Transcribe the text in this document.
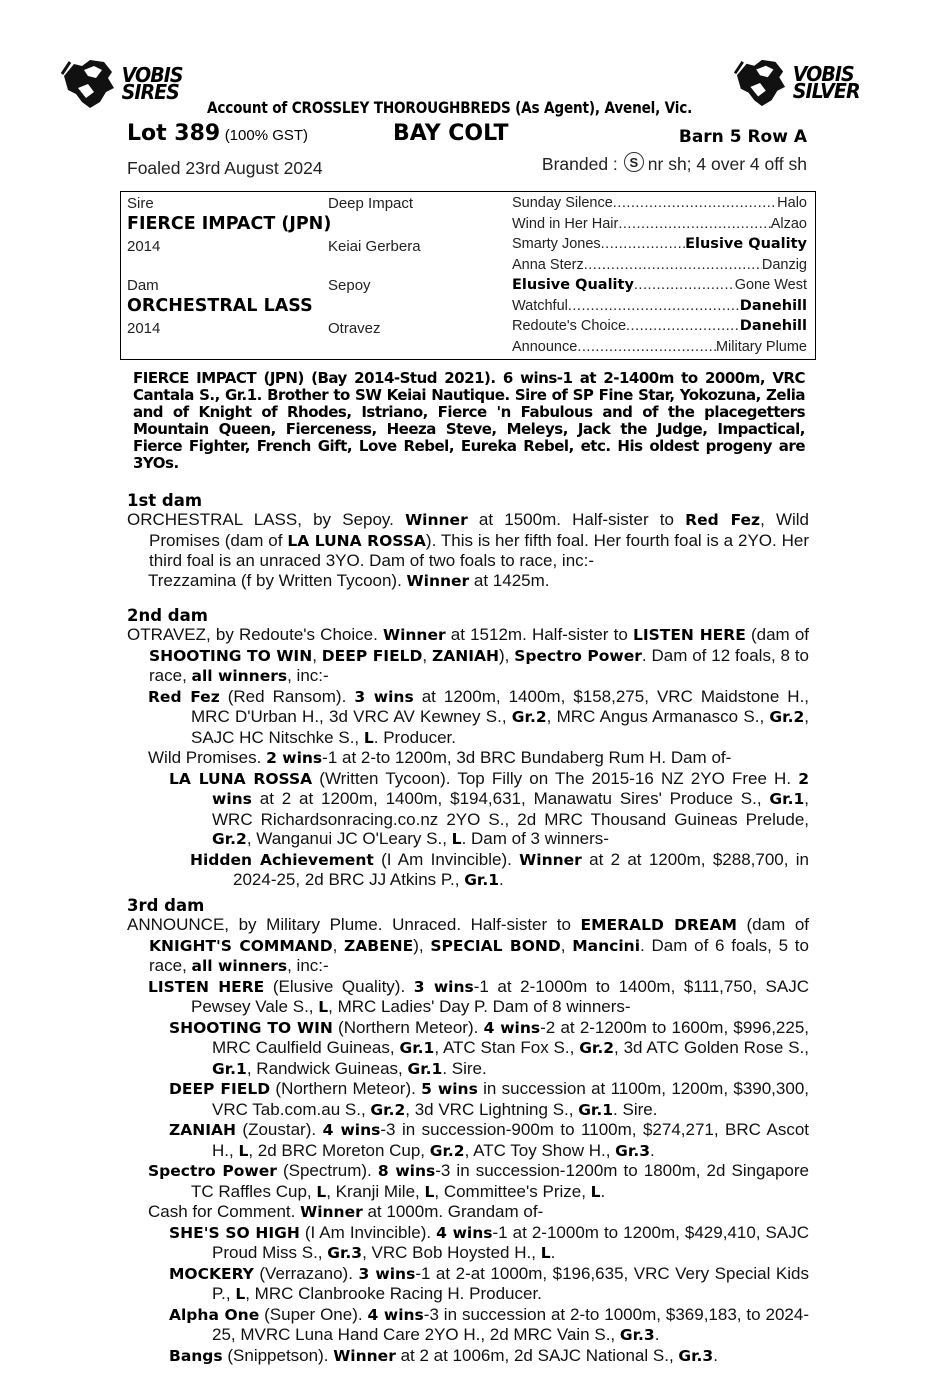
VOBIS
SIRES
VOBIS
SILVER
Account of CROSSLEY THOROUGHBREDS (As Agent), Avenel, Vic.
Lot 389 (100% GST)	BAY COLT	Barn 5 Row A
Foaled 23rd August 2024	Branded : S nr sh; 4 over 4 off sh
Sire
FIERCE IMPACT (JPN)
2014
Deep Impact
Keiai Gerbera
Dam
ORCHESTRAL LASS
2014
Sepoy
Otravez
Sunday Silence .....	Halo
Wind in Her Hair .....	Alzao
Smarty Jones .....	Elusive Quality
Anna Sterz .....	Danzig
Elusive Quality .....	Gone West
Watchful .....	Danehill
Redoute's Choice .....	Danehill
Announce .....	Military Plume
FIERCE IMPACT (JPN) (Bay 2014-Stud 2021). 6 wins-1 at 2-1400m to 2000m, VRC Cantala S., Gr.1. Brother to SW Keiai Nautique. Sire of SP Fine Star, Yokozuna, Zelia and of Knight of Rhodes, Istriano, Fierce 'n Fabulous and of the placegetters Mountain Queen, Fierceness, Heeza Steve, Meleys, Jack the Judge, Impactical, Fierce Fighter, French Gift, Love Rebel, Eureka Rebel, etc. His oldest progeny are 3YOs.
1st dam

ORCHESTRAL LASS, by Sepoy. Winner at 1500m. Half-sister to Red Fez, Wild Promises (dam of LA LUNA ROSSA). This is her fifth foal. Her fourth foal is a 2YO. Her third foal is an unraced 3YO. Dam of two foals to race, inc:-

Trezzamina (f by Written Tycoon). Winner at 1425m.

2nd dam

OTRAVEZ, by Redoute's Choice. Winner at 1512m. Half-sister to LISTEN HERE (dam of SHOOTING TO WIN, DEEP FIELD, ZANIAH), Spectro Power. Dam of 12 foals, 8 to race, all winners, inc:-

Red Fez (Red Ransom). 3 wins at 1200m, 1400m, $158,275, VRC Maidstone H., MRC D'Urban H., 3d VRC AV Kewney S., Gr.2, MRC Angus Armanasco S., Gr.2, SAJC HC Nitschke S., L. Producer.

Wild Promises. 2 wins-1 at 2-to 1200m, 3d BRC Bundaberg Rum H. Dam of-

LA LUNA ROSSA (Written Tycoon). Top Filly on The 2015-16 NZ 2YO Free H. 2 wins at 2 at 1200m, 1400m, $194,631, Manawatu Sires' Produce S., Gr.1, WRC Richardsonracing.co.nz 2YO S., 2d MRC Thousand Guineas Prelude, Gr.2, Wanganui JC O'Leary S., L. Dam of 3 winners-

Hidden Achievement (I Am Invincible). Winner at 2 at 1200m, $288,700, in 2024-25, 2d BRC JJ Atkins P., Gr.1.

3rd dam

ANNOUNCE, by Military Plume. Unraced. Half-sister to EMERALD DREAM (dam of KNIGHT'S COMMAND, ZABENE), SPECIAL BOND, Mancini. Dam of 6 foals, 5 to race, all winners, inc:-

LISTEN HERE (Elusive Quality). 3 wins-1 at 2-1000m to 1400m, $111,750, SAJC Pewsey Vale S., L, MRC Ladies' Day P. Dam of 8 winners-

SHOOTING TO WIN (Northern Meteor). 4 wins-2 at 2-1200m to 1600m, $996,225, MRC Caulfield Guineas, Gr.1, ATC Stan Fox S., Gr.2, 3d ATC Golden Rose S., Gr.1, Randwick Guineas, Gr.1. Sire.

DEEP FIELD (Northern Meteor). 5 wins in succession at 1100m, 1200m, $390,300, VRC Tab.com.au S., Gr.2, 3d VRC Lightning S., Gr.1. Sire.

ZANIAH (Zoustar). 4 wins-3 in succession-900m to 1100m, $274,271, BRC Ascot H., L, 2d BRC Moreton Cup, Gr.2, ATC Toy Show H., Gr.3.

Spectro Power (Spectrum). 8 wins-3 in succession-1200m to 1800m, 2d Singapore TC Raffles Cup, L, Kranji Mile, L, Committee's Prize, L.

Cash for Comment. Winner at 1000m. Grandam of-

SHE'S SO HIGH (I Am Invincible). 4 wins-1 at 2-1000m to 1200m, $429,410, SAJC Proud Miss S., Gr.3, VRC Bob Hoysted H., L.

MOCKERY (Verrazano). 3 wins-1 at 2-at 1000m, $196,635, VRC Very Special Kids P., L, MRC Clanbrooke Racing H. Producer.

Alpha One (Super One). 4 wins-3 in succession at 2-to 1000m, $369,183, to 2024-25, MVRC Luna Hand Care 2YO H., 2d MRC Vain S., Gr.3.

Bangs (Snippetson). Winner at 2 at 1006m, 2d SAJC National S., Gr.3.
